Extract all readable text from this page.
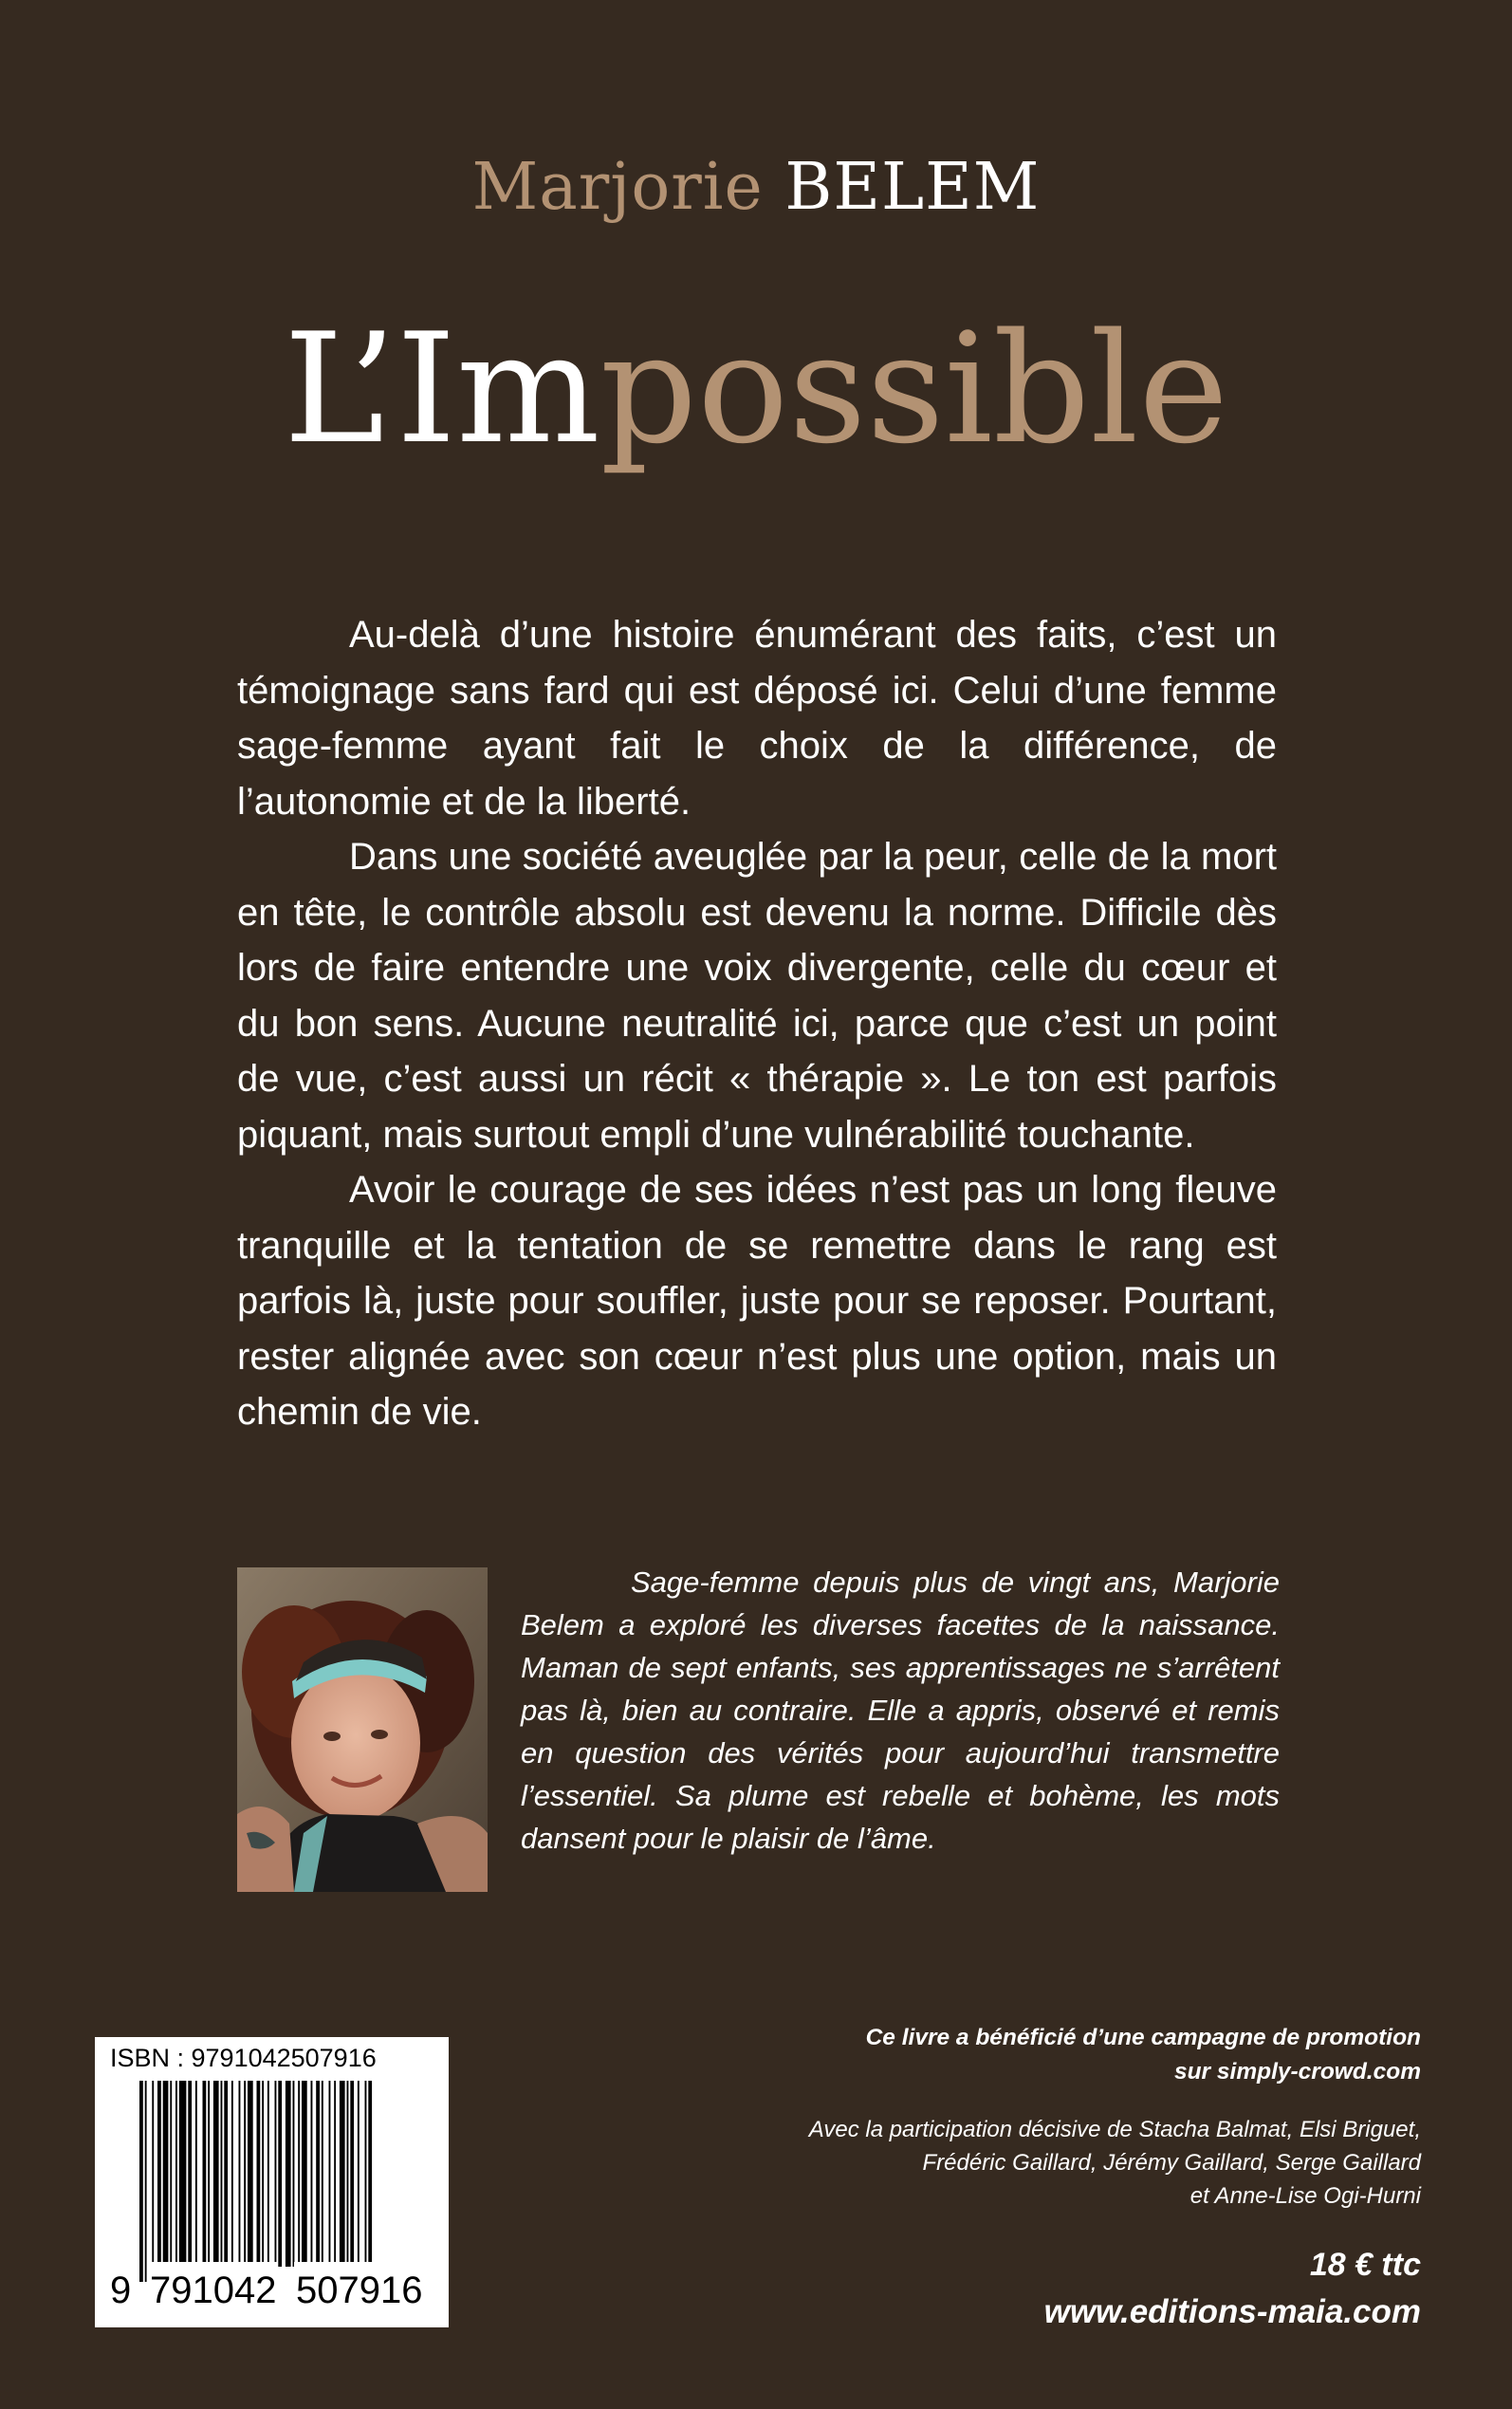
Marjorie BELEM
L’Impossible

Au-delà d’une histoire énumérant des faits, c’est un témoignage sans fard qui est déposé ici. Celui d’une femme sage-femme ayant fait le choix de la différence, de l’autonomie et de la liberté.

Dans une société aveuglée par la peur, celle de la mort en tête, le contrôle absolu est devenu la norme. Difficile dès lors de faire entendre une voix divergente, celle du cœur et du bon sens. Aucune neutralité ici, parce que c’est un point de vue, c’est aussi un récit « thérapie ». Le ton est parfois piquant, mais surtout empli d’une vulnérabilité touchante.

Avoir le courage de ses idées n’est pas un long fleuve tranquille et la tentation de se remettre dans le rang est parfois là, juste pour souffler, juste pour se reposer. Pourtant, rester alignée avec son cœur n’est plus une option, mais un chemin de vie.

Sage-femme depuis plus de vingt ans, Marjorie Belem a exploré les diverses facettes de la naissance. Maman de sept enfants, ses apprentissages ne s’arrêtent pas là, bien au contraire. Elle a appris, observé et remis en question des vérités pour aujourd’hui transmettre l’essentiel. Sa plume est rebelle et bohème, les mots dansent pour le plaisir de l’âme.

ISBN : 9791042507916
9 791042 507916
Ce livre a bénéficié d’une campagne de promotion
sur simply-crowd.com
Avec la participation décisive de Stacha Balmat, Elsi Briguet,
Frédéric Gaillard, Jérémy Gaillard, Serge Gaillard
et Anne-Lise Ogi-Hurni
18 € ttc
www.editions-maia.com
